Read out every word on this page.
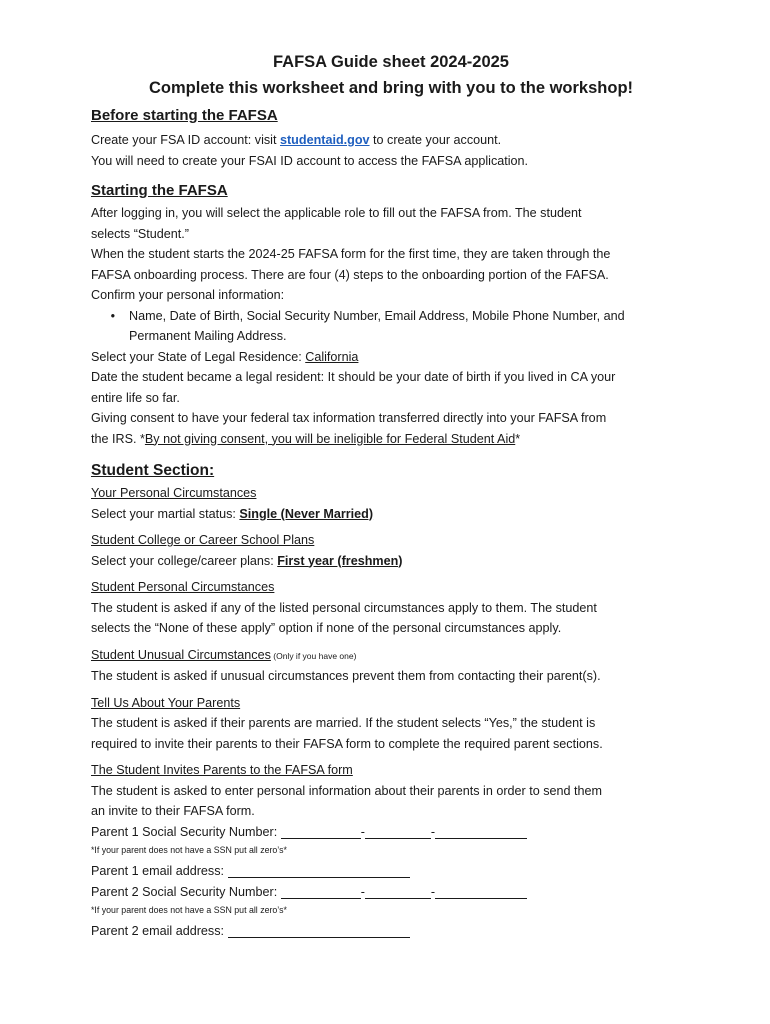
FAFSA Guide sheet 2024-2025

Complete this worksheet and bring with you to the workshop!

Before starting the FAFSA

Create your FSA ID account: visit studentaid.gov to create your account.

You will need to create your FSAI ID account to access the FAFSA application.

Starting the FAFSA

After logging in, you will select the applicable role to fill out the FAFSA from. The student

selects “Student.”

When the student starts the 2024-25 FAFSA form for the first time, they are taken through the

FAFSA onboarding process. There are four (4) steps to the onboarding portion of the FAFSA.

Confirm your personal information:

•	Name, Date of Birth, Social Security Number, Email Address, Mobile Phone Number, and
Permanent Mailing Address.

Select your State of Legal Residence: California

Date the student became a legal resident: It should be your date of birth if you lived in CA your

entire life so far.

Giving consent to have your federal tax information transferred directly into your FAFSA from

the IRS. *By not giving consent, you will be ineligible for Federal Student Aid*

Student Section:

Your Personal Circumstances

Select your martial status: Single (Never Married)

Student College or Career School Plans

Select your college/career plans: First year (freshmen)

Student Personal Circumstances

The student is asked if any of the listed personal circumstances apply to them. The student

selects the “None of these apply” option if none of the personal circumstances apply.

Student Unusual Circumstances (Only if you have one)

The student is asked if unusual circumstances prevent them from contacting their parent(s).

Tell Us About Your Parents

The student is asked if their parents are married. If the student selects “Yes,” the student is

required to invite their parents to their FAFSA form to complete the required parent sections.

The Student Invites Parents to the FAFSA form

The student is asked to enter personal information about their parents in order to send them

an invite to their FAFSA form.

Parent 1 Social Security Number:	-	-

*If your parent does not have a SSN put all zero’s*

Parent 1 email address:

Parent 2 Social Security Number:	-	-

*If your parent does not have a SSN put all zero’s*

Parent 2 email address:
